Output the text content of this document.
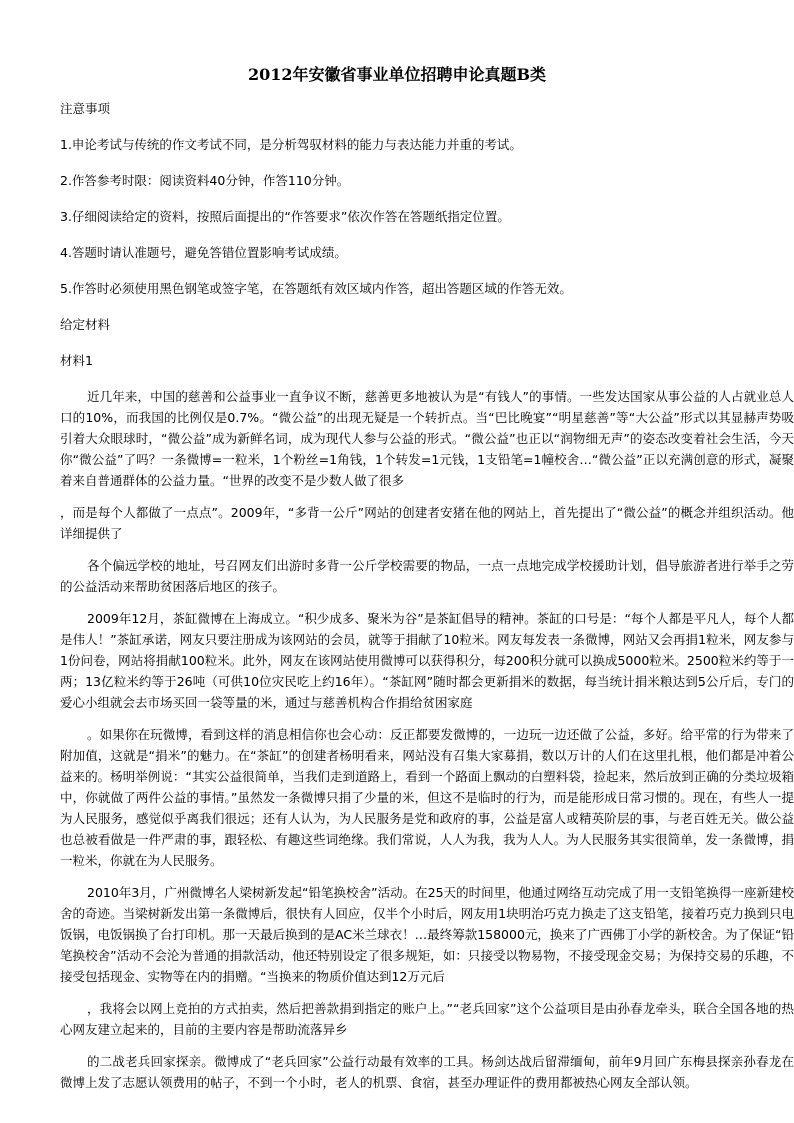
2012年安徽省事业单位招聘申论真题B类

注意事项

1.申论考试与传统的作文考试不同，是分析驾驭材料的能力与表达能力并重的考试。

2.作答参考时限：阅读资料40分钟，作答110分钟。

3.仔细阅读给定的资料，按照后面提出的“作答要求”依次作答在答题纸指定位置。

4.答题时请认准题号，避免答错位置影响考试成绩。

5.作答时必须使用黑色钢笔或签字笔，在答题纸有效区域内作答，超出答题区域的作答无效。

给定材料

材料1

近几年来，中国的慈善和公益事业一直争议不断，慈善更多地被认为是“有钱人”的事情。一些发达国家从事公益的人占就业总人口的10%，而我国的比例仅是0.7%。“微公益”的出现无疑是一个转折点。当“巴比晚宴”“明星慈善”等“大公益”形式以其显赫声势吸引着大众眼球时，“微公益”成为新鲜名词，成为现代人参与公益的形式。“微公益”也正以“润物细无声”的姿态改变着社会生活，今天你“微公益”了吗？一条微博=一粒米，1个粉丝=1角钱，1个转发=1元钱，1支铅笔=1幢校舍…“微公益”正以充满创意的形式，凝聚着来自普通群体的公益力量。“世界的改变不是少数人做了很多

，而是每个人都做了一点点”。2009年，“多背一公斤”网站的创建者安猪在他的网站上，首先提出了“微公益”的概念并组织活动。他详细提供了

各个偏远学校的地址，号召网友们出游时多背一公斤学校需要的物品，一点一点地完成学校援助计划，倡导旅游者进行举手之劳的公益活动来帮助贫困落后地区的孩子。

2009年12月，茶缸微博在上海成立。“积少成多、聚米为谷”是茶缸倡导的精神。茶缸的口号是：“每个人都是平凡人，每个人都是伟人！”茶缸承诺，网友只要注册成为该网站的会员，就等于捐献了10粒米。网友每发表一条微博，网站又会再捐1粒米，网友参与1份问卷，网站将捐献100粒米。此外，网友在该网站使用微博可以获得积分，每200积分就可以换成5000粒米。2500粒米约等于一两；13亿粒米约等于26吨（可供10位灾民吃上约16年）。“茶缸网”随时都会更新捐米的数据，每当统计捐米粮达到5公斤后，专门的爱心小组就会去市场买回一袋等量的米，通过与慈善机构合作捐给贫困家庭

。如果你在玩微博，看到这样的消息相信你也会心动：反正都要发微博的，一边玩一边还做了公益，多好。给平常的行为带来了附加值，这就是“捐米”的魅力。在“茶缸”的创建者杨明看来，网站没有召集大家募捐，数以万计的人们在这里扎根，他们都是冲着公益来的。杨明举例说：“其实公益很简单，当我们走到道路上，看到一个路面上飘动的白塑料袋，捡起来，然后放到正确的分类垃圾箱中，你就做了两件公益的事情。”虽然发一条微博只捐了少量的米，但这不是临时的行为，而是能形成日常习惯的。现在，有些人一提为人民服务，感觉似乎离我们很远；还有人认为，为人民服务是党和政府的事，公益是富人或精英阶层的事，与老百姓无关。做公益也总被看做是一件严肃的事，跟轻松、有趣这些词绝缘。我们常说，人人为我，我为人人。为人民服务其实很简单，发一条微博，捐一粒米，你就在为人民服务。

2010年3月，广州微博名人梁树新发起“铅笔换校舍”活动。在25天的时间里，他通过网络互动完成了用一支铅笔换得一座新建校舍的奇迹。当梁树新发出第一条微博后，很快有人回应，仅半个小时后，网友用1块明治巧克力换走了这支铅笔，接着巧克力换到只电饭锅，电饭锅换了台打印机。那一天最后换到的是AC米兰球衣！…最终筹款158000元，换来了广西佛丁小学的新校舍。为了保证“铅笔换校舍”活动不会沦为普通的捐款活动，他还特别设定了很多规矩，如：只接受以物易物，不接受现金交易；为保持交易的乐趣，不接受包括现金、实物等在内的捐赠。“当换来的物质价值达到12万元后

，我将会以网上竞拍的方式拍卖，然后把善款捐到指定的账户上。”“老兵回家”这个公益项目是由孙春龙牵头，联合全国各地的热心网友建立起来的，目前的主要内容是帮助流落异乡

的二战老兵回家探亲。微博成了“老兵回家”公益行动最有效率的工具。杨剑达战后留滞缅甸，前年9月回广东梅县探亲孙春龙在微博上发了志愿认领费用的帖子，不到一个小时，老人的机票、食宿，甚至办理证件的费用都被热心网友全部认领。
